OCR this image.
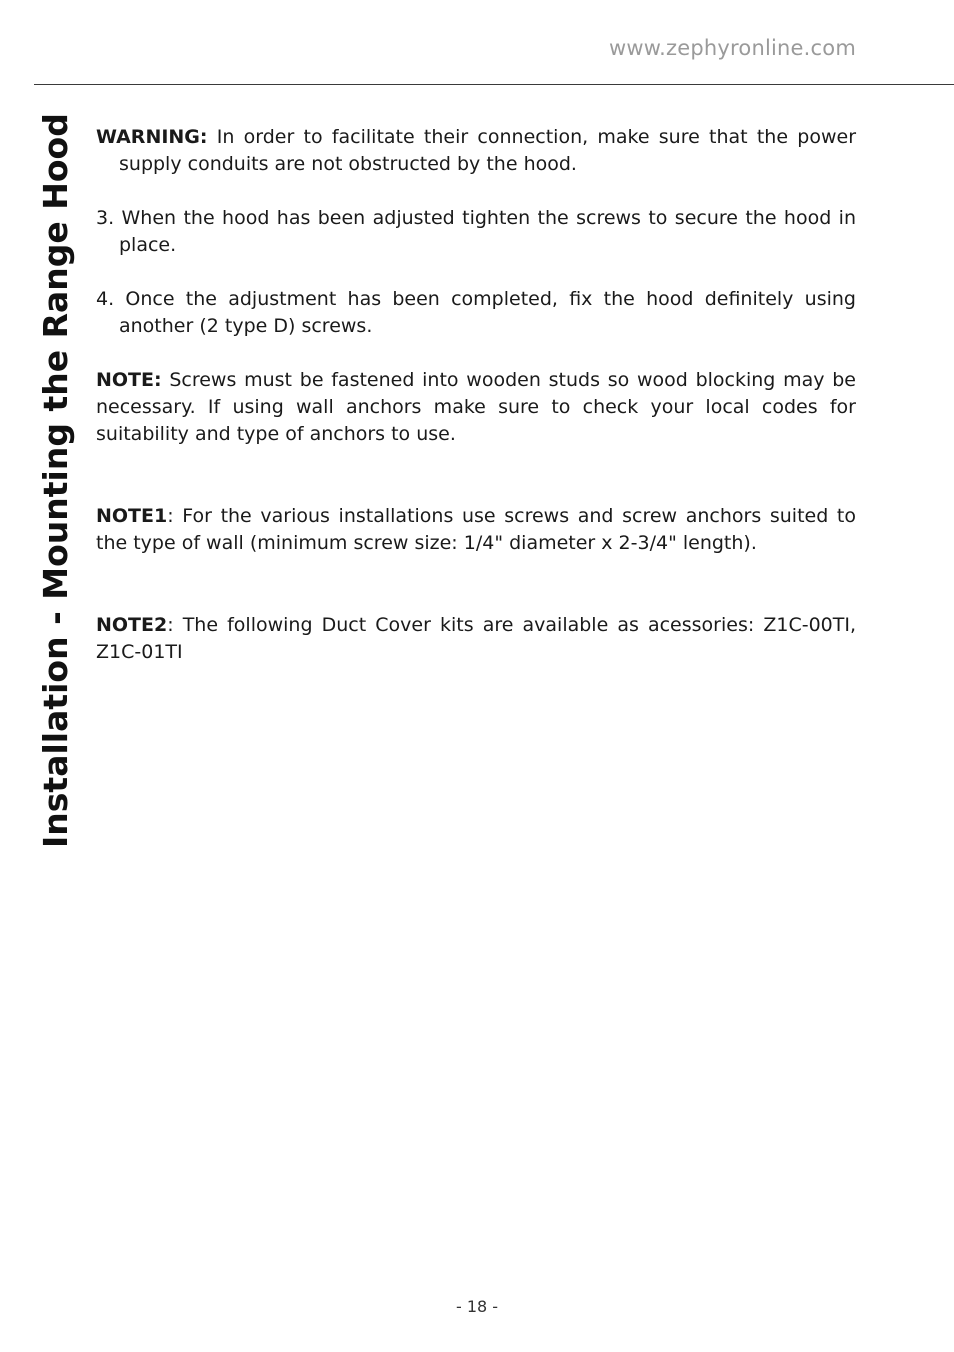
www.zephyronline.com
Installation - Mounting the Range Hood WARNING: In order to facilitate their connection, make sure that the power supply conduits are not obstructed by the hood.

3. When the hood has been adjusted tighten the screws to secure the hood in place.

4. Once the adjustment has been completed, fix the hood definitely using another (2 type D) screws.

NOTE: Screws must be fastened into wooden studs so wood blocking may be necessary. If using wall anchors make sure to check your local codes for suitability and type of anchors to use.

NOTE1: For the various installations use screws and screw anchors suited to the type of wall (minimum screw size: 1/4" diameter x 2-3/4" length).

NOTE2: The following Duct Cover kits are available as acessories: Z1C-00TI, Z1C-01TI

- 18 -
